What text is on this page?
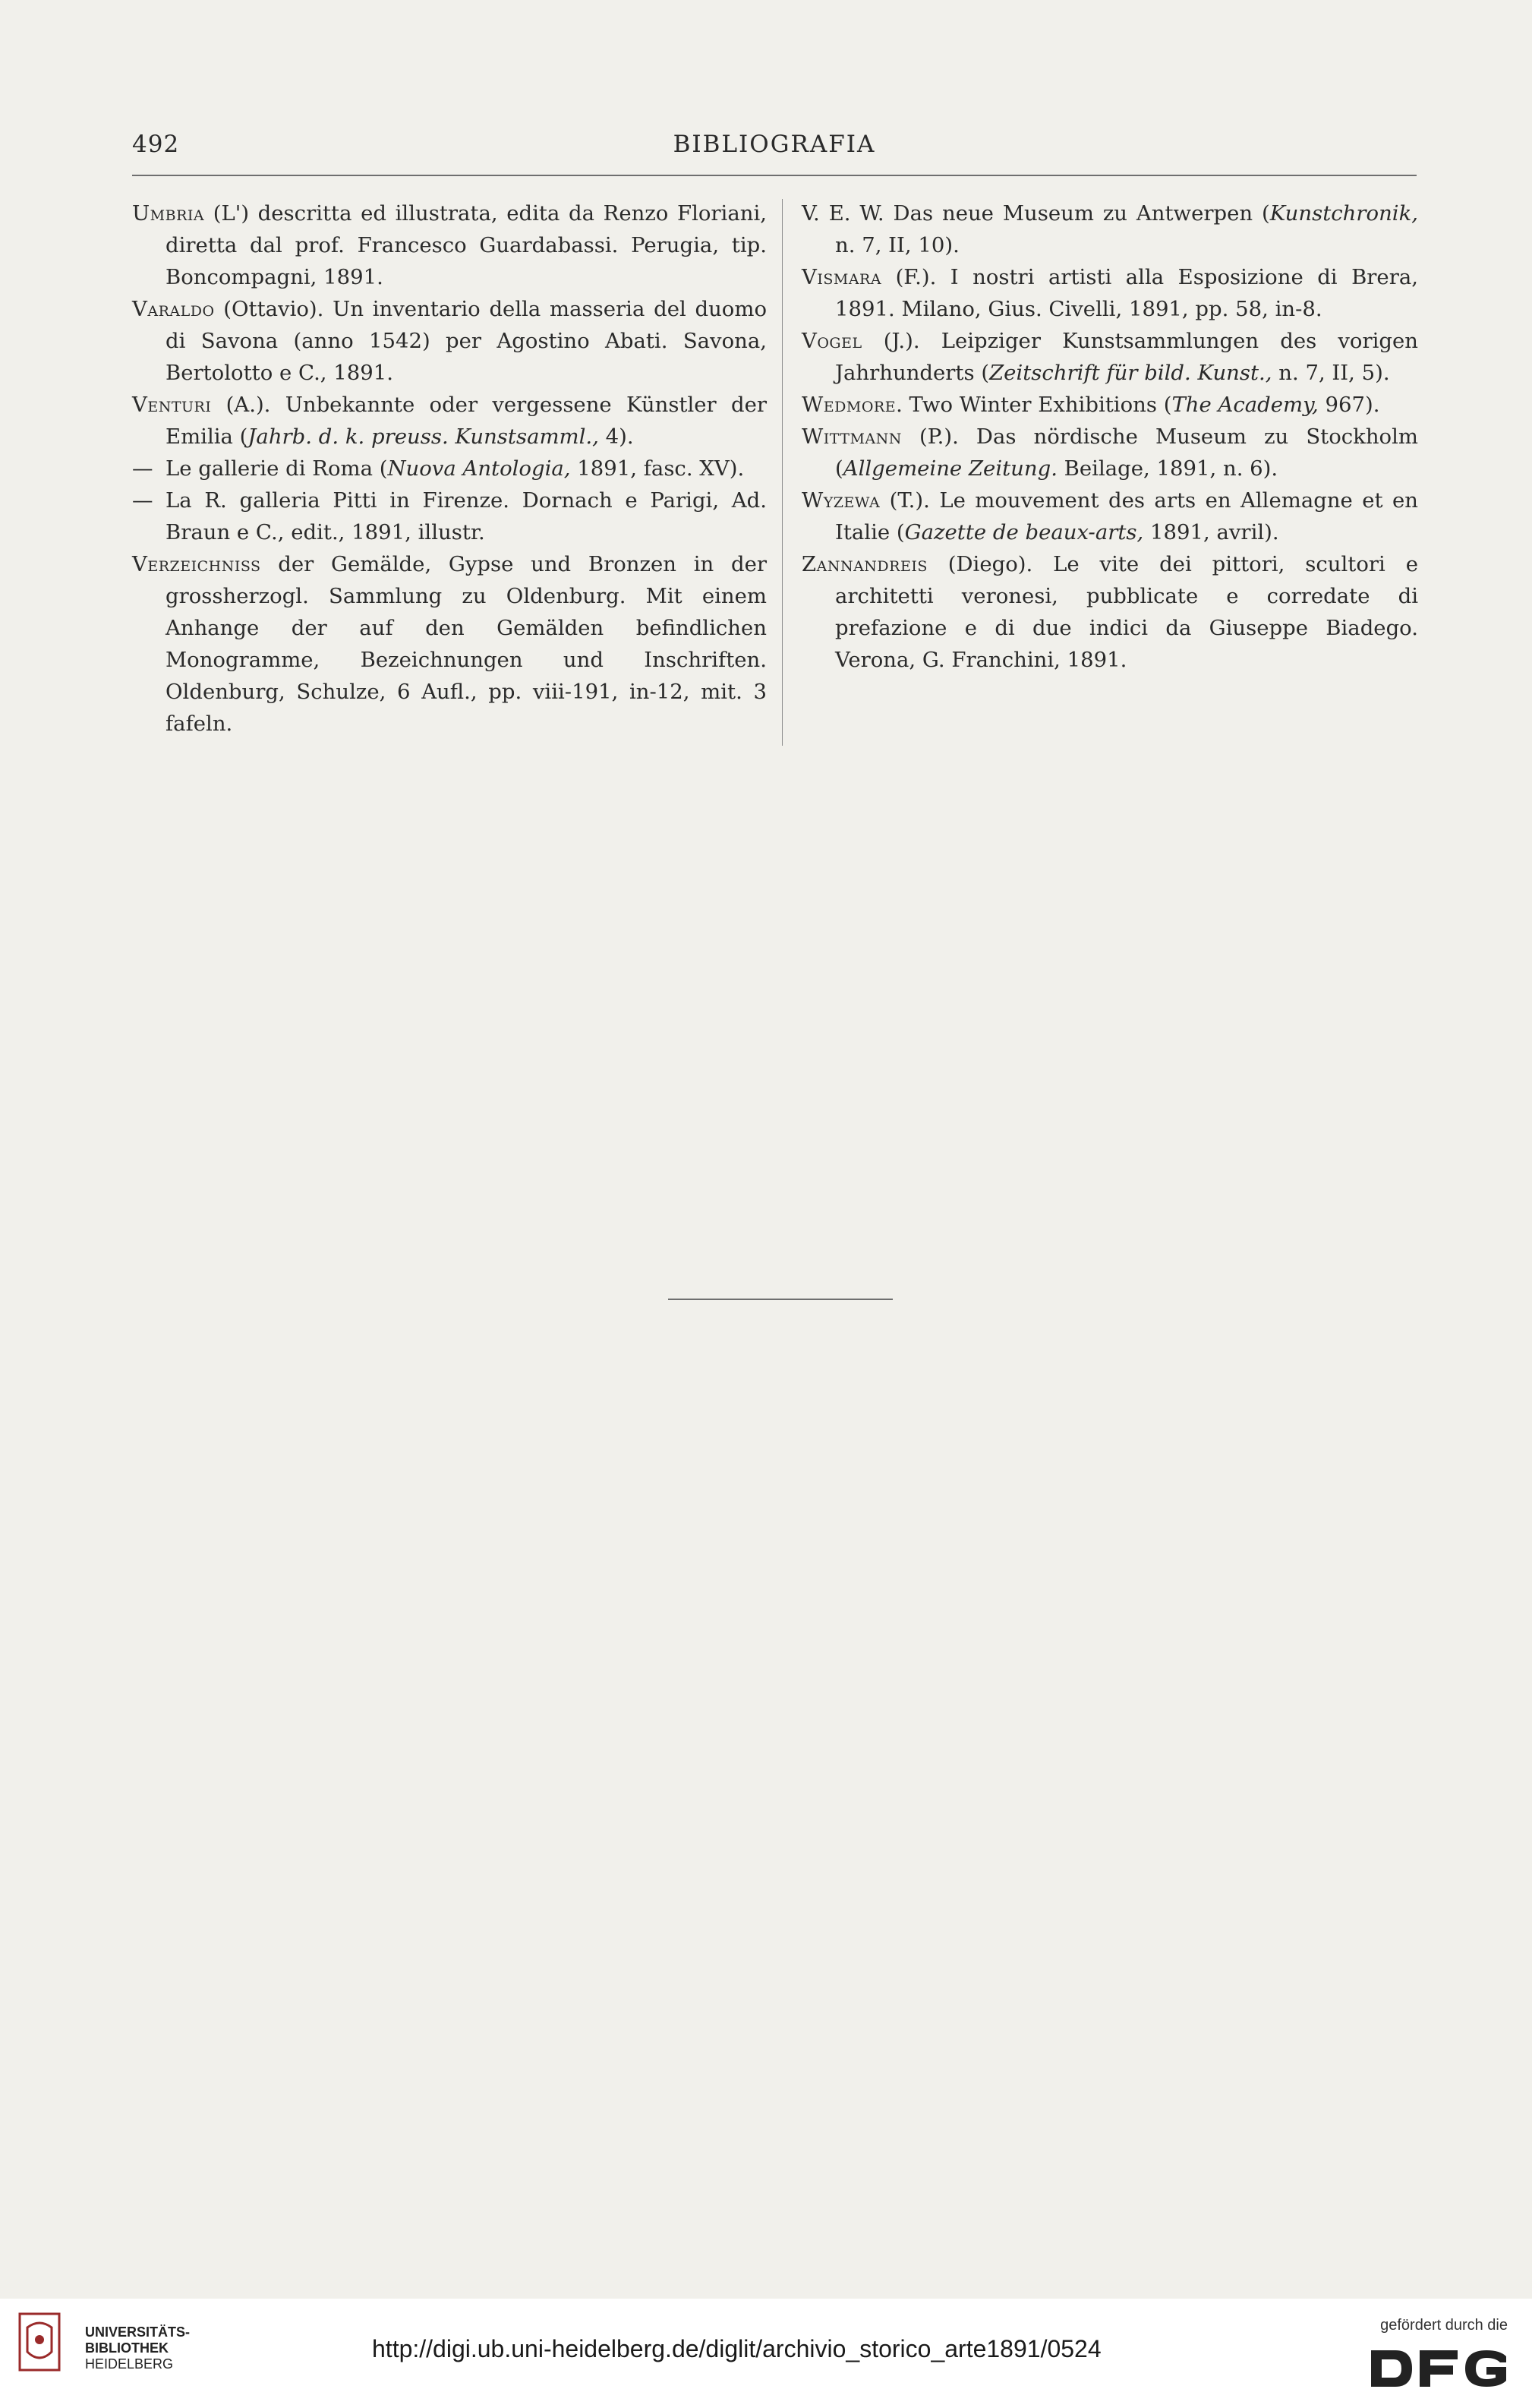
492	BIBLIOGRAFIA

Umbria (L') descritta ed illustrata, edita da Renzo Floriani, diretta dal prof. Francesco Guardabassi. Perugia, tip. Boncompagni, 1891.

Varaldo (Ottavio). Un inventario della masseria del duomo di Savona (anno 1542) per Agostino Abati. Savona, Bertolotto e C., 1891.

Venturi (A.). Unbekannte oder vergessene Künstler der Emilia (Jahrb. d. k. preuss. Kunstsamml., 4).

— Le gallerie di Roma (Nuova Antologia, 1891, fasc. XV).

— La R. galleria Pitti in Firenze. Dornach e Parigi, Ad. Braun e C., edit., 1891, illustr.

Verzeichniss der Gemälde, Gypse und Bronzen in der grossherzogl. Sammlung zu Oldenburg. Mit einem Anhange der auf den Gemälden befindlichen Monogramme, Bezeichnungen und Inschriften. Oldenburg, Schulze, 6 Aufl., pp. viii-191, in-12, mit. 3 fafeln.

V. E. W. Das neue Museum zu Antwerpen (Kunstchronik, n. 7, II, 10).

Vismara (F.). I nostri artisti alla Esposizione di Brera, 1891. Milano, Gius. Civelli, 1891, pp. 58, in-8.

Vogel (J.). Leipziger Kunstsammlungen des vorigen Jahrhunderts (Zeitschrift für bild. Kunst., n. 7, II, 5).

Wedmore. Two Winter Exhibitions (The Academy, 967).

Wittmann (P.). Das nördische Museum zu Stockholm (Allgemeine Zeitung. Beilage, 1891, n. 6).

Wyzewa (T.). Le mouvement des arts en Allemagne et en Italie (Gazette de beaux-arts, 1891, avril).

Zannandreis (Diego). Le vite dei pittori, scultori e architetti veronesi, pubblicate e corredate di prefazione e di due indici da Giuseppe Biadego. Verona, G. Franchini, 1891.

UNIVERSITÄTS-
BIBLIOTHEK
HEIDELBERG
http://digi.ub.uni-heidelberg.de/diglit/archivio_storico_arte1891/0524
gefördert durch die
